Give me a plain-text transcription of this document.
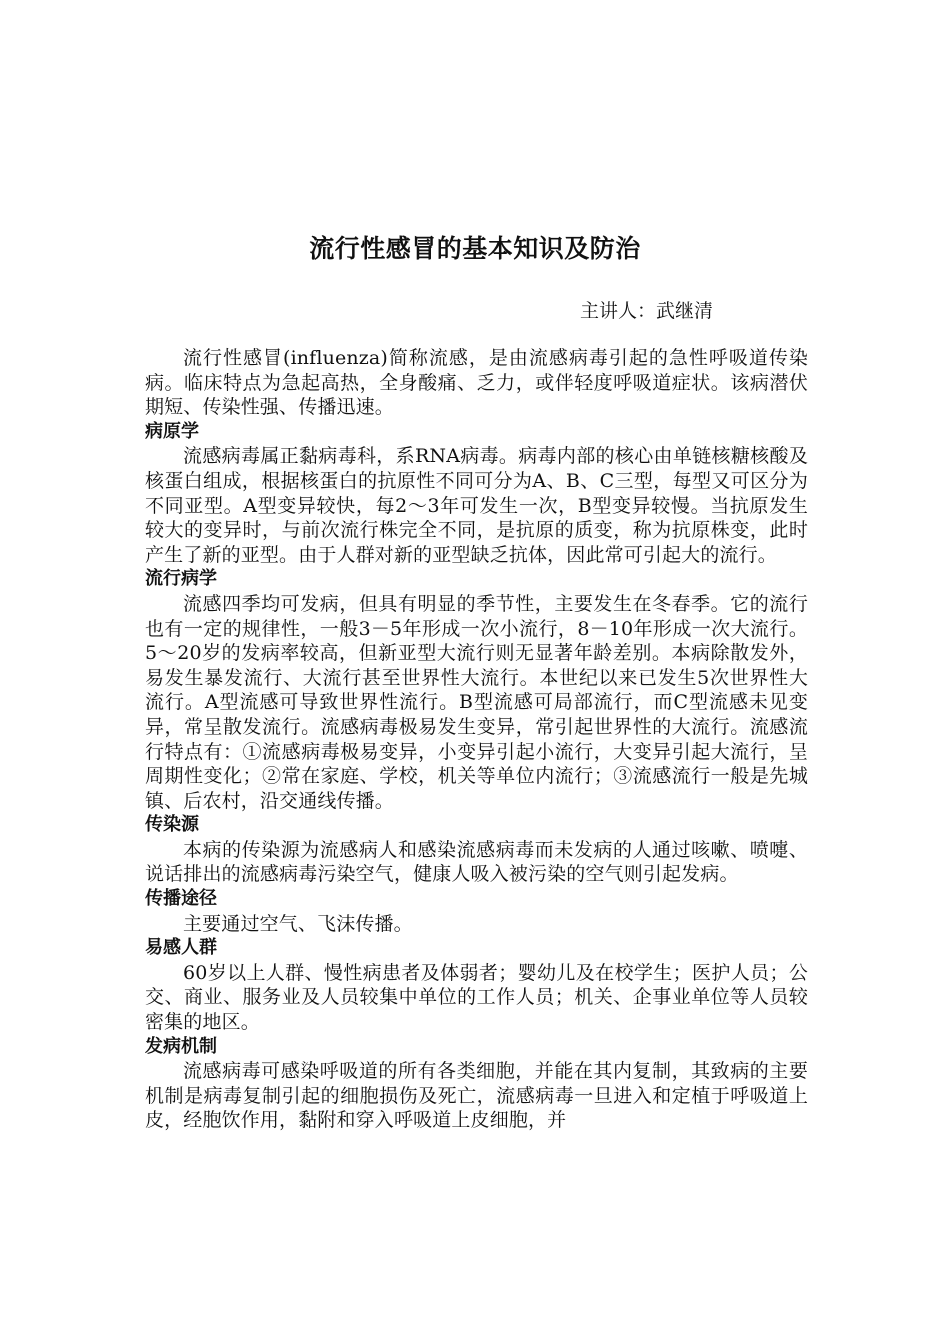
流行性感冒的基本知识及防治
主讲人：武继清

流行性感冒(influenza)简称流感，是由流感病毒引起的急性呼吸道传染病。临床特点为急起高热，全身酸痛、乏力，或伴轻度呼吸道症状。该病潜伏期短、传染性强、传播迅速。

病原学

流感病毒属正黏病毒科，系RNA病毒。病毒内部的核心由单链核糖核酸及核蛋白组成，根据核蛋白的抗原性不同可分为A、B、C三型，每型又可区分为不同亚型。A型变异较快，每2～3年可发生一次，B型变异较慢。当抗原发生较大的变异时，与前次流行株完全不同，是抗原的质变，称为抗原株变，此时产生了新的亚型。由于人群对新的亚型缺乏抗体，因此常可引起大的流行。

流行病学

流感四季均可发病，但具有明显的季节性，主要发生在冬春季。它的流行也有一定的规律性，一般3－5年形成一次小流行，8－10年形成一次大流行。5～20岁的发病率较高，但新亚型大流行则无显著年龄差别。本病除散发外，易发生暴发流行、大流行甚至世界性大流行。本世纪以来已发生5次世界性大流行。A型流感可导致世界性流行。B型流感可局部流行，而C型流感未见变异，常呈散发流行。流感病毒极易发生变异，常引起世界性的大流行。流感流行特点有：①流感病毒极易变异，小变异引起小流行，大变异引起大流行，呈周期性变化；②常在家庭、学校，机关等单位内流行；③流感流行一般是先城镇、后农村，沿交通线传播。

传染源

本病的传染源为流感病人和感染流感病毒而未发病的人通过咳嗽、喷嚏、说话排出的流感病毒污染空气，健康人吸入被污染的空气则引起发病。

传播途径

主要通过空气、飞沫传播。

易感人群

60岁以上人群、慢性病患者及体弱者；婴幼儿及在校学生；医护人员；公交、商业、服务业及人员较集中单位的工作人员；机关、企事业单位等人员较密集的地区。

发病机制

流感病毒可感染呼吸道的所有各类细胞，并能在其内复制，其致病的主要机制是病毒复制引起的细胞损伤及死亡，流感病毒一旦进入和定植于呼吸道上皮，经胞饮作用，黏附和穿入呼吸道上皮细胞，并
